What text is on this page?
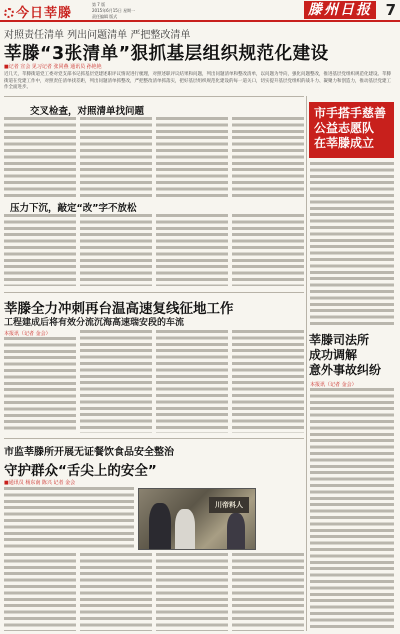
今日莘滕
第 7 版
2015年6月15日 星期一
责任编辑 版式	滕州日报 7
对照责任清单 列出问题清单 严把整改清单
莘滕“3张清单”狠抓基层组织规范化建设
■记者 宣会 见习记者 张同燕 通讯员 孙艳艳
近几天，莘滕街道党工委对党支部书记抓基层党建述职评议情况进行梳理，对照述职评议结果和问题，列出问题清单和整改清单，以问题为导向，强化问题整改，推进基层党组织规范化建设。莘滕街道在党建工作中，对照责任清单找差距，列出问题清单抓整改，严把整改清单抓落实，把好基层组织规范化建设的每一道关口，切实提升基层党组织的战斗力、凝聚力和创造力，推动基层党建工作全面进步。
交叉检查，对照清单找问题
压力下沉，敲定“改”字不放松
莘滕全力冲刺再台温高速复线征地工作
工程建成后将有效分流沉海高速瑞安段的车流
本报讯（记者 金会）
市监莘滕所开展无证餐饮食品安全整治
守护群众“舌尖上的安全”
■通讯员 杨东南 陈兴 记者 金会
川帝料人
市手搭手慈善
公益志愿队
在莘滕成立
莘滕司法所
成功调解
意外事故纠纷
本报讯（记者 金会）
